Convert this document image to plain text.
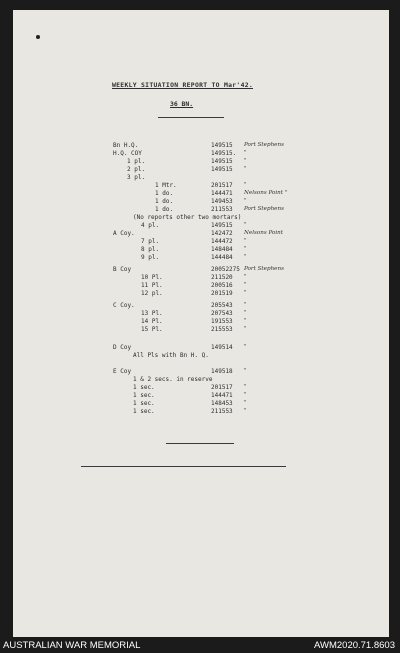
WEEKLY SITUATION REPORT TO Mar'42.
36 BN.
Bn H.Q.	149515 Port Stephens
H.Q. COY	149515. "
1 pl.	149515 "
2 pl.	149515 "
3 pl.
1 Mtr.	201517 "
1 do.	144471 Nelsons Point "
1 do.	149453 "
1 do.	211553 Port Stephens
(No reports other two mortars)
4 pl.	149515 "
A Coy.	142472 Nelsons Point
7 pl.	144472 "
8 pl.	148484 "
9 pl.	144484 "
B Coy	20052275 Port Stephens
10 Pl.	211520 "
11 Pl.	200516 "
12 pl.	201519 "
C Coy.	205543 "
13 Pl.	207543 "
14 Pl.	191553 "
15 Pl.	215553 "
D Coy	149514 "
All Pls with Bn H. Q.
E Coy	149518 "
1 & 2 secs. in reserve
1 sec.	201517 "
1 sec.	144471 "
1 sec.	148453 "
1 sec.	211553 "
AUSTRALIAN WAR MEMORIAL	AWM2020.71.8603
